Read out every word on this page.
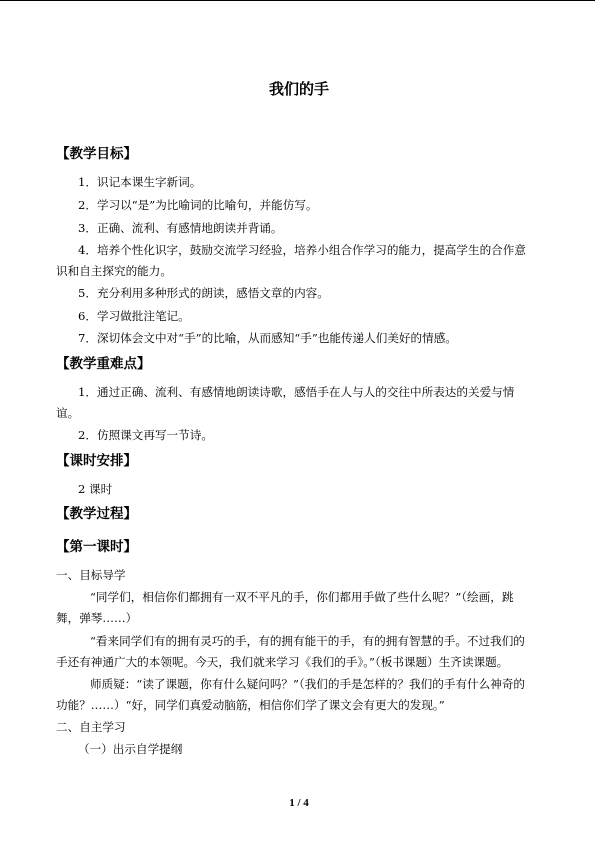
我们的手
【教学目标】
1．识记本课生字新词。
2．学习以“是”为比喻词的比喻句，并能仿写。
3．正确、流利、有感情地朗读并背诵。
4．培养个性化识字，鼓励交流学习经验，培养小组合作学习的能力，提高学生的合作意
识和自主探究的能力。
5．充分利用多种形式的朗读，感悟文章的内容。
6．学习做批注笔记。
7．深切体会文中对“手”的比喻，从而感知“手”也能传递人们美好的情感。
【教学重难点】
1．通过正确、流利、有感情地朗读诗歌，感悟手在人与人的交往中所表达的关爱与情
谊。
2．仿照课文再写一节诗。
【课时安排】
2 课时
【教学过程】
【第一课时】
一、目标导学
“同学们，相信你们都拥有一双不平凡的手，你们都用手做了些什么呢？”（绘画，跳
舞，弹琴……）
“看来同学们有的拥有灵巧的手，有的拥有能干的手，有的拥有智慧的手。不过我们的
手还有神通广大的本领呢。今天，我们就来学习《我们的手》。”（板书课题）生齐读课题。
师质疑：“读了课题，你有什么疑问吗？”（我们的手是怎样的？我们的手有什么神奇的
功能？……）“好，同学们真爱动脑筋，相信你们学了课文会有更大的发现。”
二、自主学习
（一）出示自学提纲
1 / 4
